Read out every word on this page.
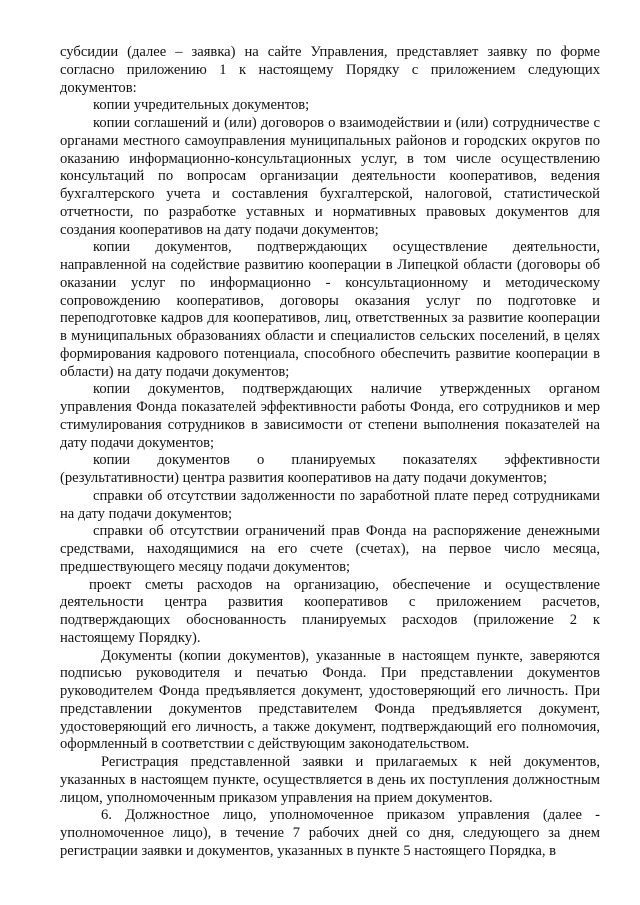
субсидии (далее – заявка) на сайте Управления, представляет заявку по форме согласно приложению 1 к настоящему Порядку с приложением следующих документов:

копии учредительных документов;

копии соглашений и (или) договоров о взаимодействии и (или) сотрудничестве с органами местного самоуправления муниципальных районов и городских округов по оказанию информационно-консультационных услуг, в том числе осуществлению консультаций по вопросам организации деятельности кооперативов, ведения бухгалтерского учета и составления бухгалтерской, налоговой, статистической отчетности, по разработке уставных и нормативных правовых документов для создания кооперативов на дату подачи документов;

копии документов, подтверждающих осуществление деятельности, направленной на содействие развитию кооперации в Липецкой области (договоры об оказании услуг по информационно - консультационному и методическому сопровождению кооперативов, договоры оказания услуг по подготовке и переподготовке кадров для кооперативов, лиц, ответственных за развитие кооперации в муниципальных образованиях области и специалистов сельских поселений, в целях формирования кадрового потенциала, способного обеспечить развитие кооперации в области) на дату подачи документов;

копии документов, подтверждающих наличие утвержденных органом управления Фонда показателей эффективности работы Фонда, его сотрудников и мер стимулирования сотрудников в зависимости от степени выполнения показателей на дату подачи документов;

копии документов о планируемых показателях эффективности (результативности) центра развития кооперативов на дату подачи документов;

справки об отсутствии задолженности по заработной плате перед сотрудниками на дату подачи документов;

справки об отсутствии ограничений прав Фонда на распоряжение денежными средствами, находящимися на его счете (счетах), на первое число месяца, предшествующего месяцу подачи документов;

проект сметы расходов на организацию, обеспечение и осуществление деятельности центра развития кооперативов с приложением расчетов, подтверждающих обоснованность планируемых расходов (приложение 2 к настоящему Порядку).

Документы (копии документов), указанные в настоящем пункте, заверяются подписью руководителя и печатью Фонда. При представлении документов руководителем Фонда предъявляется документ, удостоверяющий его личность. При представлении документов представителем Фонда предъявляется документ, удостоверяющий его личность, а также документ, подтверждающий его полномочия, оформленный в соответствии с действующим законодательством.

Регистрация представленной заявки и прилагаемых к ней документов, указанных в настоящем пункте, осуществляется в день их поступления должностным лицом, уполномоченным приказом управления на прием документов.

6. Должностное лицо, уполномоченное приказом управления (далее - уполномоченное лицо), в течение 7 рабочих дней со дня, следующего за днем регистрации заявки и документов, указанных в пункте 5 настоящего Порядка, в
